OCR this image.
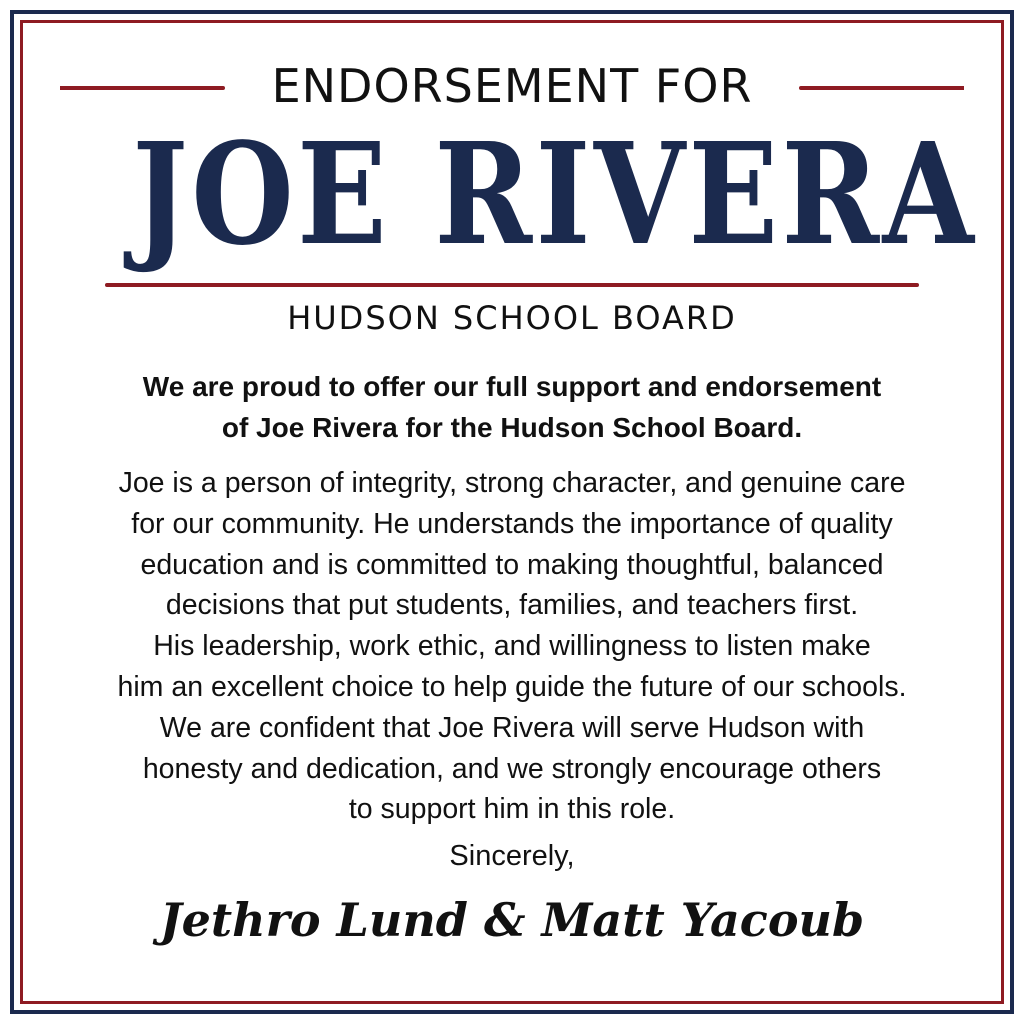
ENDORSEMENT FOR
JOE RIVERA
HUDSON SCHOOL BOARD
We are proud to offer our full support and endorsement
of Joe Rivera for the Hudson School Board.
Joe is a person of integrity, strong character, and genuine care
for our community. He understands the importance of quality
education and is committed to making thoughtful, balanced
decisions that put students, families, and teachers first.
His leadership, work ethic, and willingness to listen make
him an excellent choice to help guide the future of our schools.
We are confident that Joe Rivera will serve Hudson with
honesty and dedication, and we strongly encourage others
to support him in this role.
Sincerely,
Jethro Lund & Matt Yacoub
